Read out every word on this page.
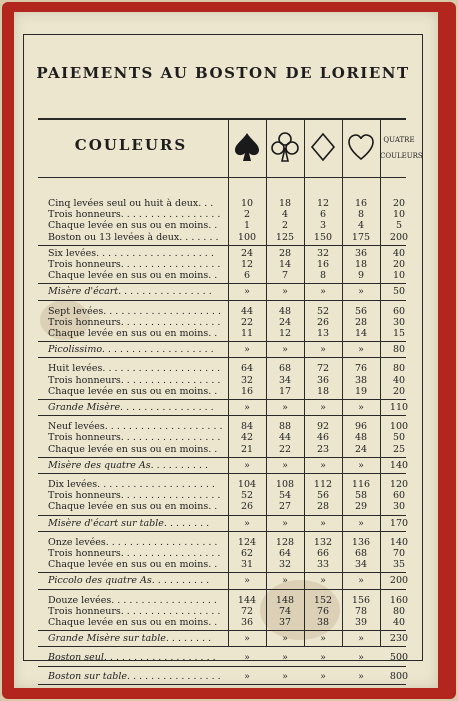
PAIEMENTS AU BOSTON DE LORIENT
COULEURS	QUATRE
COULEURS
Cinq levées seul ou huit à deux. . .	10	18	12	16	20
Trois honneurs. . . . . . . . . . . . . . . . .	2	4	6	8	10
Chaque levée en sus ou en moins. .	1	2	3	4	5
Boston ou 13 levées à deux. . . . . . .	100	125	150	175	200
Six levées. . . . . . . . . . . . . . . . . . . .	24	28	32	36	40
Trois honneurs. . . . . . . . . . . . . . . . .	12	14	16	18	20
Chaque levée en sus ou en moins. .	6	7	8	9	10
Misère d'écart. . . . . . . . . . . . . . . .	»	»	»	»	50
Sept levées. . . . . . . . . . . . . . . . . . . .	44	48	52	56	60
Trois honneurs. . . . . . . . . . . . . . . . .	22	24	26	28	30
Chaque levée en sus ou en moins. .	11	12	13	14	15
Picolissimo. . . . . . . . . . . . . . . . . . .	»	»	»	»	80
Huit levées. . . . . . . . . . . . . . . . . . . .	64	68	72	76	80
Trois honneurs. . . . . . . . . . . . . . . . .	32	34	36	38	40
Chaque levée en sus ou en moins. .	16	17	18	19	20
Grande Misère. . . . . . . . . . . . . . . .	»	»	»	»	110
Neuf levées. . . . . . . . . . . . . . . . . . . .	84	88	92	96	100
Trois honneurs. . . . . . . . . . . . . . . . .	42	44	46	48	50
Chaque levée en sus ou en moins. .	21	22	23	24	25
Misère des quatre As. . . . . . . . . .	»	»	»	»	140
Dix levées. . . . . . . . . . . . . . . . . . . .	104	108	112	116	120
Trois honneurs. . . . . . . . . . . . . . . . .	52	54	56	58	60
Chaque levée en sus ou en moins. .	26	27	28	29	30
Misère d'écart sur table. . . . . . . .	»	»	»	»	170
Onze levées. . . . . . . . . . . . . . . . . . .	124	128	132	136	140
Trois honneurs. . . . . . . . . . . . . . . . .	62	64	66	68	70
Chaque levée en sus ou en moins. .	31	32	33	34	35
Piccolo des quatre As. . . . . . . . . .	»	»	»	»	200
Douze levées. . . . . . . . . . . . . . . . . .	144	148	152	156	160
Trois honneurs. . . . . . . . . . . . . . . . .	72	74	76	78	80
Chaque levée en sus ou en moins. .	36	37	38	39	40
Grande Misère sur table. . . . . . . .	»	»	»	»	230
Boston seul. . . . . . . . . . . . . . . . . . .	»	»	»	»	500
Boston sur table. . . . . . . . . . . . . . . .	»	»	»	»	800
